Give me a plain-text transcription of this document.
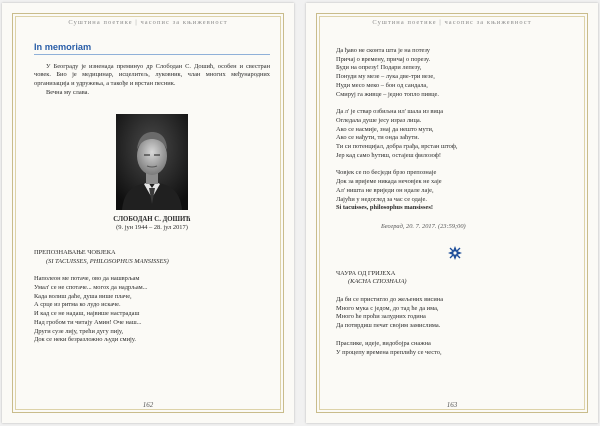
Суштина поетике | часопис за књижевност
In memoriam

У Београду је изненада преминуо др Слободан С. Дошић, особен и свестран човек. Био је медицинар, исцелитељ, луковник, члан многих међународних организација и удружења, а такође и врстан песник.

Вечна му слава.

СЛОБОДАН С. ДОШИЋ
(9. јун 1944 – 28. јул 2017)
ПРЕПОЗНАВАЊЕ ЧОВЈЕКА
(SI TACUISSES, PHILOSOPHUS MANSISSES)
Наполеон ме потаче, ово да нашврљам
Умал' се не спотаче... могох да надрљам...
Када волиш даће, душа више плаче,
А срце из ритма ко лудо искаче.
И кад се не надаш, највише настрадаш
Над гробом ти читају Амин! Оче наш...
Други сузе лију, трећи дугу пију,
Док се неки безразложно људи смију.
162
Суштина поетике | часопис за књижевност
Да ђаво не сконта шта је на потезу
Причај о времену, причај о порезу.
Буди на опрезу! Подари лепезу,
Понуди му мезе – лука две-три везе,
Нуди месо меко – бон од сандала,
Смируј га живце – једно топло пивце.
Да л' је ствар озбиљна ил' шала из вица
Огледала душе јесу израз лица.
Ако се насмије, знај да нешто мути,
Ако се нађути, ти онда заћути.
Ти си потенцијал, добра грађа, врстан штоф,
Јер кад само ћутиш, остајеш филозоф!
Човјек се по бесједи брзо препознаје
Док за вријеме никада нечовјек не хаје
Ал' ништа не вриједи он ндале лаје,
Лајући у недоглед за час се одаје.
Si tacuisses, philosophus mansisses!
Београд, 20. 7. 2017. (23:59;00)
ЧАУРА ОД ГРИЈЕХА
(КАСНА СПОЗНАЈА)
Да би се пристигло до жељених висина
Много мука с једом, до тад ће да има,
Много ће проћи залудних година
Да потврдиш печат својим замислима.
Праслике, идеје, видобојра снажна
У процепу времена преплићу се често,
163
